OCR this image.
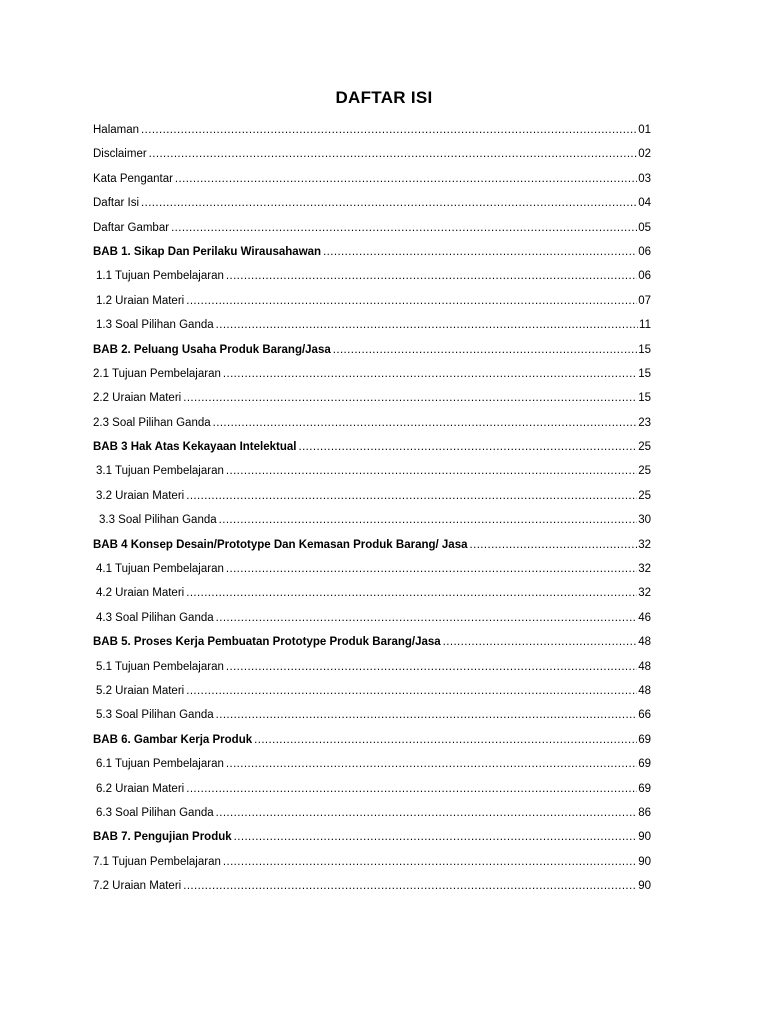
DAFTAR ISI
Halaman .....	01
Disclaimer .....	02
Kata Pengantar .....	03
Daftar Isi .....	04
Daftar Gambar .....	05
BAB 1. Sikap Dan Perilaku Wirausahawan .....	06
1.1 Tujuan Pembelajaran .....	06
1.2 Uraian Materi .....	07
1.3 Soal Pilihan Ganda .....	11
BAB 2. Peluang Usaha Produk Barang/Jasa .....	15
2.1 Tujuan Pembelajaran .....	15
2.2 Uraian Materi .....	15
2.3 Soal Pilihan Ganda .....	23
BAB 3 Hak Atas Kekayaan Intelektual .....	25
3.1 Tujuan Pembelajaran .....	25
3.2 Uraian Materi .....	25
3.3 Soal Pilihan Ganda .....	30
BAB 4 Konsep Desain/Prototype Dan Kemasan Produk Barang/ Jasa .....	32
4.1 Tujuan Pembelajaran .....	32
4.2 Uraian Materi .....	32
4.3 Soal Pilihan Ganda .....	46
BAB 5. Proses Kerja Pembuatan Prototype Produk Barang/Jasa .....	48
5.1 Tujuan Pembelajaran .....	48
5.2 Uraian Materi .....	48
5.3 Soal Pilihan Ganda .....	66
BAB 6. Gambar Kerja Produk .....	69
6.1 Tujuan Pembelajaran .....	69
6.2 Uraian Materi .....	69
6.3 Soal Pilihan Ganda .....	86
BAB 7. Pengujian Produk .....	90
7.1 Tujuan Pembelajaran .....	90
7.2 Uraian Materi .....	90
